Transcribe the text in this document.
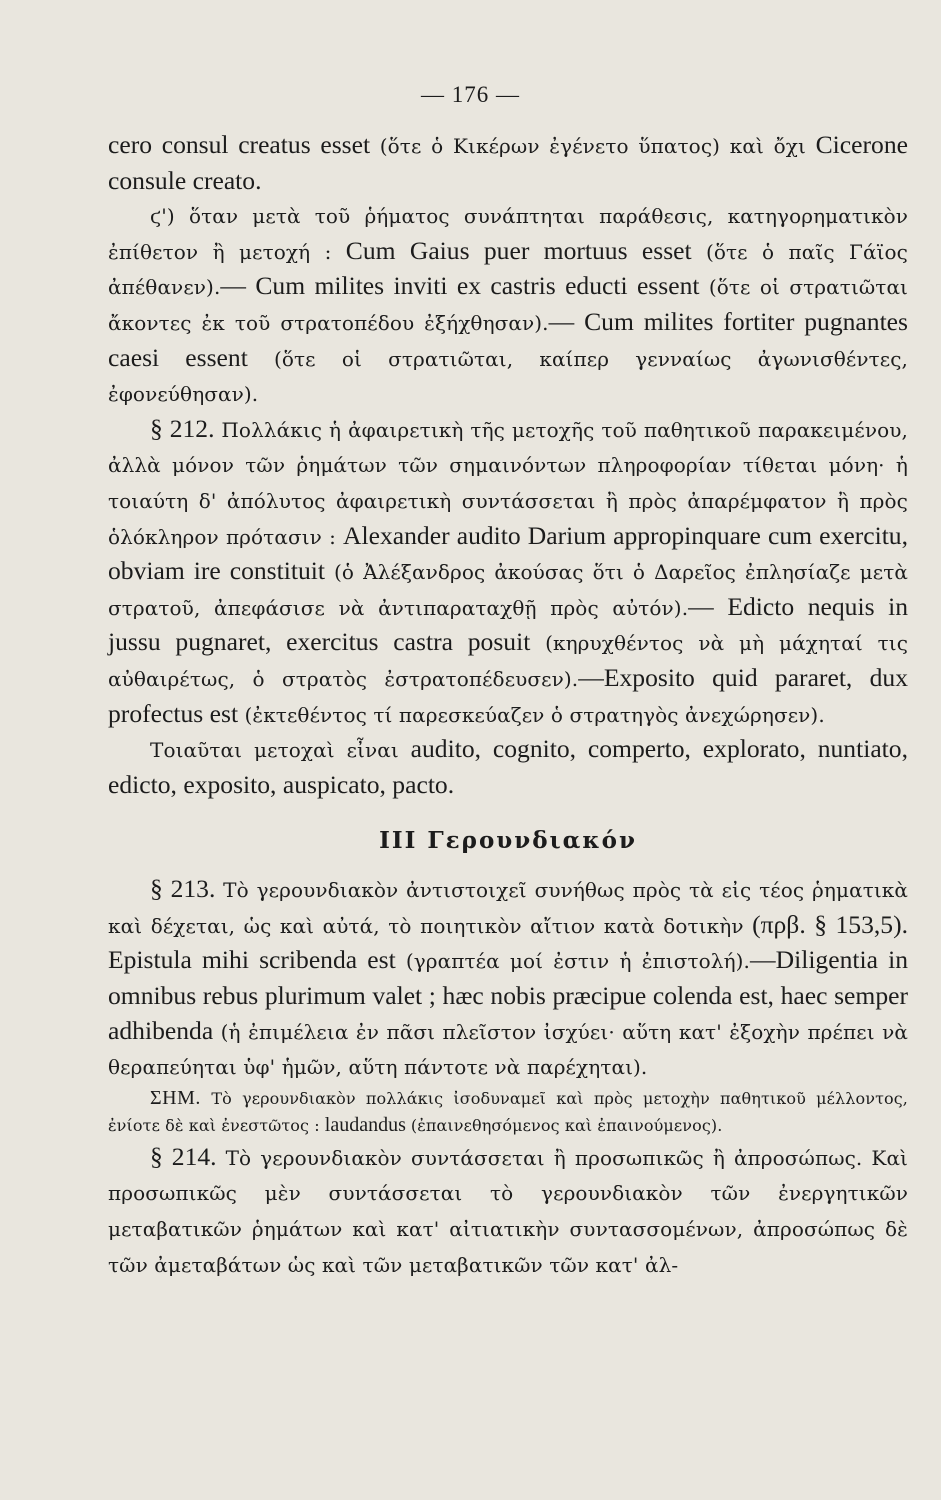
— 176 —

cero consul creatus esset (ὅτε ὁ Κικέρων ἐγένετο ὕπατος) καὶ ὄχι Cicerone consule creato.

ϛ') ὅταν μετὰ τοῦ ῥήματος συνάπτηται παράθεσις, κατηγορηματικὸν ἐπίθετον ἢ μετοχή : Cum Gaius puer mortuus esset (ὅτε ὁ παῖς Γάϊος ἀπέθανεν).— Cum milites inviti ex castris educti essent (ὅτε οἱ στρατιῶται ἄκοντες ἐκ τοῦ στρατοπέδου ἐξήχθησαν).— Cum milites fortiter pugnantes caesi essent (ὅτε οἱ στρατιῶται, καίπερ γενναίως ἀγωνισθέντες, ἐφονεύθησαν).

§ 212. Πολλάκις ἡ ἀφαιρετικὴ τῆς μετοχῆς τοῦ παθητικοῦ παρακειμένου, ἀλλὰ μόνον τῶν ῥημάτων τῶν σημαινόντων πληροφορίαν τίθεται μόνη· ἡ τοιαύτη δ' ἀπόλυτος ἀφαιρετικὴ συντάσσεται ἢ πρὸς ἀπαρέμφατον ἢ πρὸς ὁλόκληρον πρότασιν : Alexander audito Darium appropinquare cum exercitu, obviam ire constituit (ὁ Ἀλέξανδρος ἀκούσας ὅτι ὁ Δαρεῖος ἐπλησίαζε μετὰ στρατοῦ, ἀπεφάσισε νὰ ἀντιπαραταχθῇ πρὸς αὐτόν).— Edicto nequis in jussu pugnaret, exercitus castra posuit (κηρυχθέντος νὰ μὴ μάχηταί τις αὐθαιρέτως, ὁ στρατὸς ἐστρατοπέδευσεν).—Exposito quid pararet, dux profectus est (ἐκτεθέντος τί παρεσκεύαζεν ὁ στρατηγὸς ἀνεχώρησεν).

Τοιαῦται μετοχαὶ εἶναι audito, cognito, comperto, explorato, nuntiato, edicto, exposito, auspicato, pacto.

III Γερουνδιακόν

§ 213. Τὸ γερουνδιακὸν ἀντιστοιχεῖ συνήθως πρὸς τὰ εἰς τέος ῥηματικὰ καὶ δέχεται, ὡς καὶ αὐτά, τὸ ποιητικὸν αἴτιον κατὰ δοτικὴν (πρβ. § 153,5). Epistula mihi scribenda est (γραπτέα μοί ἐστιν ἡ ἐπιστολή).—Diligentia in omnibus rebus plurimum valet ; hæc nobis præcipue colenda est, haec semper adhibenda (ἡ ἐπιμέλεια ἐν πᾶσι πλεῖστον ἰσχύει· αὕτη κατ' ἐξοχὴν πρέπει νὰ θεραπεύηται ὑφ' ἡμῶν, αὕτη πάντοτε νὰ παρέχηται).

ΣΗΜ. Τὸ γερουνδιακὸν πολλάκις ἰσοδυναμεῖ καὶ πρὸς μετοχὴν παθητικοῦ μέλλοντος, ἐνίοτε δὲ καὶ ἐνεστῶτος : laudandus (ἐπαινεθησόμενος καὶ ἐπαινούμενος).

§ 214. Τὸ γερουνδιακὸν συντάσσεται ἢ προσωπικῶς ἢ ἀπροσώπως. Καὶ προσωπικῶς μὲν συντάσσεται τὸ γερουνδιακὸν τῶν ἐνεργητικῶν μεταβατικῶν ῥημάτων καὶ κατ' αἰτιατικὴν συντασσομένων, ἀπροσώπως δὲ τῶν ἀμεταβάτων ὡς καὶ τῶν μεταβατικῶν τῶν κατ' ἀλ-
